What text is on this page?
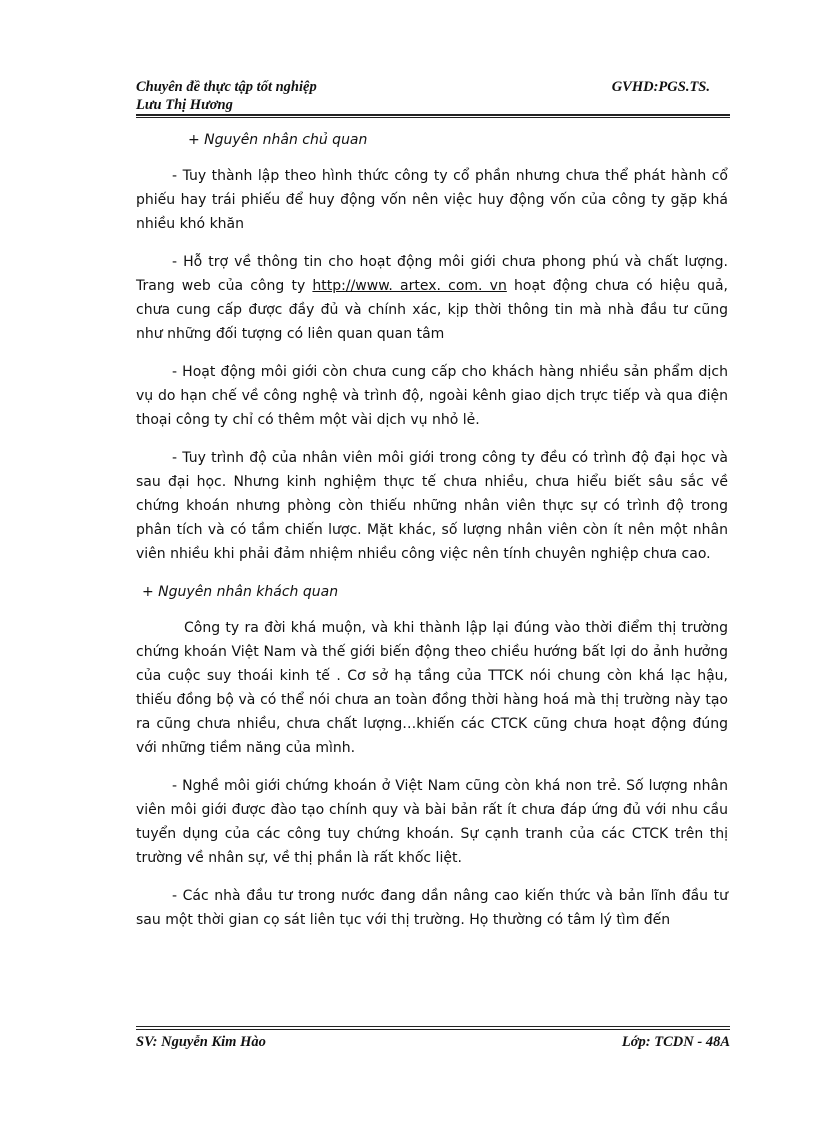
Chuyên đề thực tập tốt nghiệp	GVHD:PGS.TS.
Lưu Thị Hương

+ Nguyên nhân chủ quan

- Tuy thành lập theo hình thức công ty cổ phần nhưng chưa thể phát hành cổ phiếu hay trái phiếu để huy động vốn nên việc huy động vốn của công ty gặp khá nhiều khó khăn

- Hỗ trợ về thông tin cho hoạt động môi giới chưa phong phú và chất lượng. Trang web của công ty http://www. artex. com. vn hoạt động chưa có hiệu quả, chưa cung cấp được đầy đủ và chính xác, kịp thời thông tin mà nhà đầu tư cũng như những đối tượng có liên quan quan tâm

- Hoạt động môi giới còn chưa cung cấp cho khách hàng nhiều sản phẩm dịch vụ do hạn chế về công nghệ và trình độ, ngoài kênh giao dịch trực tiếp và qua điện thoại công ty chỉ có thêm một vài dịch vụ nhỏ lẻ.

- Tuy trình độ của nhân viên môi giới trong công ty đều có trình độ đại học và sau đại học. Nhưng kinh nghiệm thực tế chưa nhiều, chưa hiểu biết sâu sắc về chứng khoán nhưng phòng còn thiếu những nhân viên thực sự có trình độ trong phân tích và có tầm chiến lược. Mặt khác, số lượng nhân viên còn ít nên một nhân viên nhiều khi phải đảm nhiệm nhiều công việc nên tính chuyên nghiệp chưa cao.

+ Nguyên nhân khách quan

Công ty ra đời khá muộn, và khi thành lập lại đúng vào thời điểm thị trường chứng khoán Việt Nam và thế giới biến động theo chiều hướng bất lợi do ảnh hưởng của cuộc suy thoái kinh tế . Cơ sở hạ tầng của TTCK nói chung còn khá lạc hậu, thiếu đồng bộ và có thể nói chưa an toàn đồng thời hàng hoá mà thị trường này tạo ra cũng chưa nhiều, chưa chất lượng…khiến các CTCK cũng chưa hoạt động đúng với những tiềm năng của mình.

- Nghề môi giới chứng khoán ở Việt Nam cũng còn khá non trẻ. Số lượng nhân viên môi giới được đào tạo chính quy và bài bản rất ít chưa đáp ứng đủ với nhu cầu tuyển dụng của các công tuy chứng khoán. Sự cạnh tranh của các CTCK trên thị trường về nhân sự, về thị phần là rất khốc liệt.

- Các nhà đầu tư trong nước đang dần nâng cao kiến thức và bản lĩnh đầu tư sau một thời gian cọ sát liên tục với thị trường. Họ thường có tâm lý tìm đến

SV: Nguyễn Kim Hào	Lớp: TCDN - 48A
